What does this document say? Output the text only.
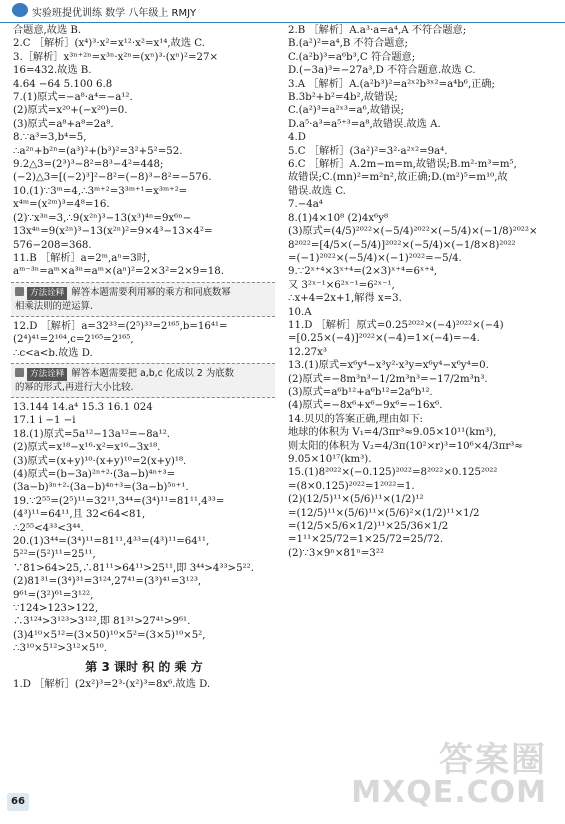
实验班提优训练 数学 八年级上 RMJY
合题意,故选 B.
2.C ［解析］(x⁴)³·x²=x¹²·x²=x¹⁴,故选 C.
3.［解析］x³ⁿ⁺²ⁿ=x³ⁿ·x²ⁿ=(xⁿ)³·(xⁿ)²=27×
16=432.故选 B.
4.64 −64 5.100 6.8
7.(1)原式=−a⁸·a⁴=−a¹².
(2)原式=x²⁰+(−x²⁰)=0.
(3)原式=a⁸+a⁸=2a⁸.
8.∵a³=3,b⁴=5,
∴a²ⁿ+b²ⁿ=(a³)²+(b³)²=3²+5²=52.
9.2△3=(2³)³−8²=8³−4²=448;
(−2)△3=[(−2)³]²−8²=(−8)³−8²=−576.
10.(1)∵3ᵐ=4,∴3ᵐ⁺²=3³ᵐ⁺¹=x³ᵐ⁺²=
x⁴ᵐ=(x²ᵐ)³=4⁸=16.
(2)∵x³ⁿ=3,∴9(x²ⁿ)³−13(x³)⁴ⁿ=9x⁶ⁿ−
13x⁴ⁿ=9(x²ⁿ)³−13(x²ⁿ)²=9×4³−13×4²=
576−208=368.
11.B ［解析］a=2ᵐ,aⁿ=3时,
aᵐ⁻³ⁿ=aᵐ×a³ⁿ=aᵐ×(aⁿ)²=2×3²=2×9=18.
方法诠释 解答本题需要利用幂的乘方和同底数幂
相乘法则的逆运算.
12.D ［解析］a=32³³=(2⁵)³³=2¹⁶⁵,b=16⁴¹=
(2⁴)⁴¹=2¹⁶⁴,c=2¹⁶⁵=2¹⁶⁵,
∴c<a<b.故选 D.
方法诠释 解答本题需要把 a,b,c 化成以 2 为底数
的幂的形式,再进行大小比较.
13.144 14.a⁴ 15.3 16.1 024
17.1 i −1 −i
18.(1)原式=5a¹²−13a¹²=−8a¹².
(2)原式=x¹⁸−x¹⁶·x²=x¹⁶−3x¹⁸.
(3)原式=(x+y)¹⁰·(x+y)¹⁰=2(x+y)¹⁸.
(4)原式=(b−3a)²ⁿ⁺²·(3a−b)⁴ⁿ⁺³=
(3a−b)³ⁿ⁺²·(3a−b)⁴ⁿ⁺³=(3a−b)⁵ⁿ⁺¹.
19.∵2⁵⁵=(2⁵)¹¹=32¹¹,3⁴⁴=(3⁴)¹¹=81¹¹,4³³=
(4³)¹¹=64¹¹,且 32<64<81,
∴2⁵⁵<4³³<3⁴⁴.
20.(1)3⁴⁴=(3⁴)¹¹=81¹¹,4³³=(4³)¹¹=64¹¹,
5²²=(5²)¹¹=25¹¹,
∵81>64>25,∴81¹¹>64¹¹>25¹¹,即 3⁴⁴>4³³>5²².
(2)81³¹=(3⁴)³¹=3¹²⁴,27⁴¹=(3³)⁴¹=3¹²³,
9⁶¹=(3²)⁶¹=3¹²²,
∵124>123>122,
∴3¹²⁴>3¹²³>3¹²²,即 81³¹>27⁴¹>9⁶¹.
(3)4¹⁰×5¹²=(3×50)¹⁰×5²=(3×5)¹⁰×5²,
∴3¹⁰×5¹²>3¹²×5¹⁰.
第 3 课时 积 的 乘 方
1.D ［解析］(2x²)³=2³·(x²)³=8x⁶.故选 D.
2.B ［解析］A.a³·a=a⁴,A 不符合题意;
B.(a²)²=a⁴,B 不符合题意;
C.(a²b)³=a⁶b³,C 符合题意;
D.(−3a)³=−27a³,D 不符合题意.故选 C.
3.A ［解析］A.(a²b³)²=a²ˣ²b³ˣ²=a⁴b⁶,正确;
B.3b²+b²=4b²,故错误;
C.(a²)³=a²ˣ³=a⁶,故错误;
D.a⁵·a³=a⁵⁺³=a⁸,故错误.故选 A.
4.D
5.C ［解析］(3a²)²=3²·a²ˣ²=9a⁴.
6.C ［解析］A.2m−m=m,故错误;B.m²·m³=m⁵,
故错误;C.(mn)²=m²n²,故正确;D.(m²)⁵=m¹⁰,故
错误.故选 C.
7.−4a⁴
8.(1)4×10⁸ (2)4x⁶y⁸
(3)原式=(4/5)²⁰²²×(−5/4)²⁰²²×(−5/4)×(−1/8)²⁰²²×
8²⁰²²=[4/5×(−5/4)]²⁰²²×(−5/4)×(−1/8×8)²⁰²²
=(−1)²⁰²²×(−5/4)×(−1)²⁰²²=−5/4.
9.∵2ˣ⁺⁴×3ˣ⁺⁴=(2×3)ˣ⁺⁴=6ˣ⁺⁴,
又 3²ˣ⁻¹×6²ˣ⁻¹=6²ˣ⁻¹,
∴x+4=2x+1,解得 x=3.
10.A
11.D ［解析］原式=0.25²⁰²²×(−4)²⁰²²×(−4)
=[0.25×(−4)]²⁰²²×(−4)=1×(−4)=−4.
12.27x³
13.(1)原式=x⁶y⁴−x³y²·x³y=x⁶y⁴−x⁶y⁴=0.
(2)原式=−8m³n³−1/2m³n³=−17/2m³n³.
(3)原式=a⁶b¹²+a⁶b¹²=2a⁶b¹².
(4)原式=−8x⁶+x⁶−9x⁶=−16x⁶.
14.贝贝的答案正确,理由如下:
地球的体积为 V₁=4/3πr³≈9.05×10¹¹(km³),
则太阳的体积为 V₂=4/3π(10²×r)³=10⁶×4/3πr³≈
9.05×10¹⁷(km³).
15.(1)8²⁰²²×(−0.125)²⁰²²=8²⁰²²×0.125²⁰²²
=(8×0.125)²⁰²²=1²⁰²²=1.
(2)(12/5)¹¹×(5/6)¹¹×(1/2)¹²
=(12/5)¹¹×(5/6)¹¹×(5/6)²×(1/2)¹¹×1/2
=(12/5×5/6×1/2)¹¹×25/36×1/2
=1¹¹×25/72=1×25/72=25/72.
(2)∵3×9ⁿ×81ⁿ=3²²
66
答案圈
MXQE.COM
